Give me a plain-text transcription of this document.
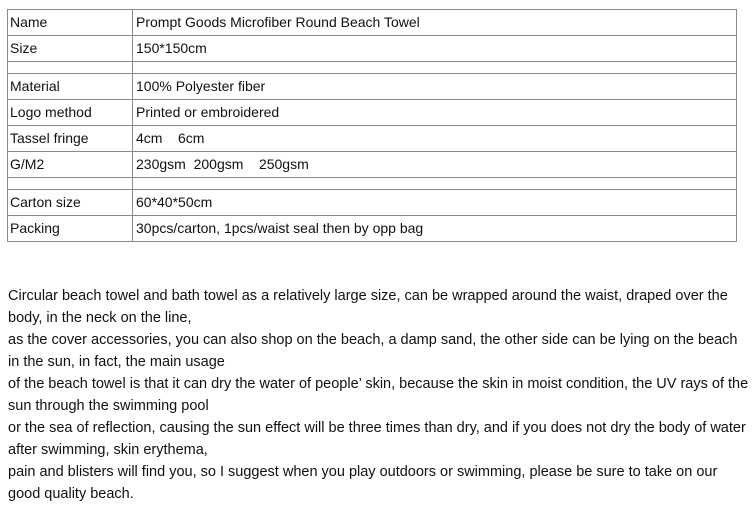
Name	Prompt Goods Microfiber Round Beach Towel
Size	150*150cm

Material	100% Polyester fiber
Logo method	Printed or embroidered
Tassel fringe	4cm    6cm
G/M2	230gsm  200gsm    250gsm

Carton size	60*40*50cm
Packing	30pcs/carton, 1pcs/waist seal then by opp bag

Circular beach towel and bath towel as a relatively large size, can be wrapped around the waist, draped over the body, in the neck on the line,

as the cover accessories, you can also shop on the beach, a damp sand, the other side can be lying on the beach in the sun, in fact, the main usage

of the beach towel is that it can dry the water of people’ skin, because the skin in moist condition, the UV rays of the sun through the swimming pool

or the sea of reflection, causing the sun effect will be three times than dry, and if you does not dry the body of water after swimming, skin erythema,

pain and blisters will find you, so I suggest when you play outdoors or swimming, please be sure to take on our good quality beach.
